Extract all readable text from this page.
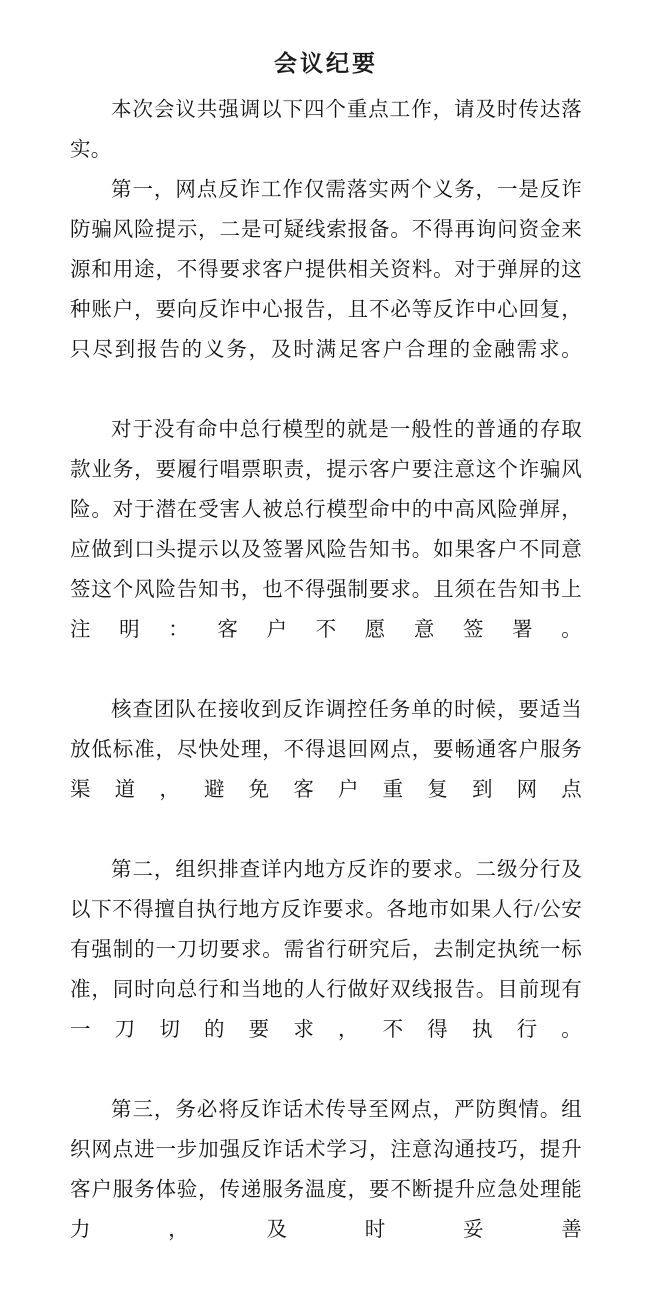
会议纪要

本次会议共强调以下四个重点工作，请及时传达落实。

第一，网点反诈工作仅需落实两个义务，一是反诈防骗风险提示，二是可疑线索报备。不得再询问资金来源和用途，不得要求客户提供相关资料。对于弹屏的这种账户，要向反诈中心报告，且不必等反诈中心回复，只尽到报告的义务，及时满足客户合理的金融需求。

对于没有命中总行模型的就是一般性的普通的存取款业务，要履行唱票职责，提示客户要注意这个诈骗风险。对于潜在受害人被总行模型命中的中高风险弹屏，应做到口头提示以及签署风险告知书。如果客户不同意签这个风险告知书，也不得强制要求。且须在告知书上注明：客户不愿意签署。

核查团队在接收到反诈调控任务单的时候，要适当放低标准，尽快处理，不得退回网点，要畅通客户服务渠道，避免客户重复到网点

第二，组织排查详内地方反诈的要求。二级分行及以下不得擅自执行地方反诈要求。各地市如果人行/公安有强制的一刀切要求。需省行研究后，去制定执统一标准，同时向总行和当地的人行做好双线报告。目前现有一刀切的要求，不得执行。

第三，务必将反诈话术传导至网点，严防舆情。组织网点进一步加强反诈话术学习，注意沟通技巧，提升客户服务体验，传递服务温度，要不断提升应急处理能力，及时妥善
